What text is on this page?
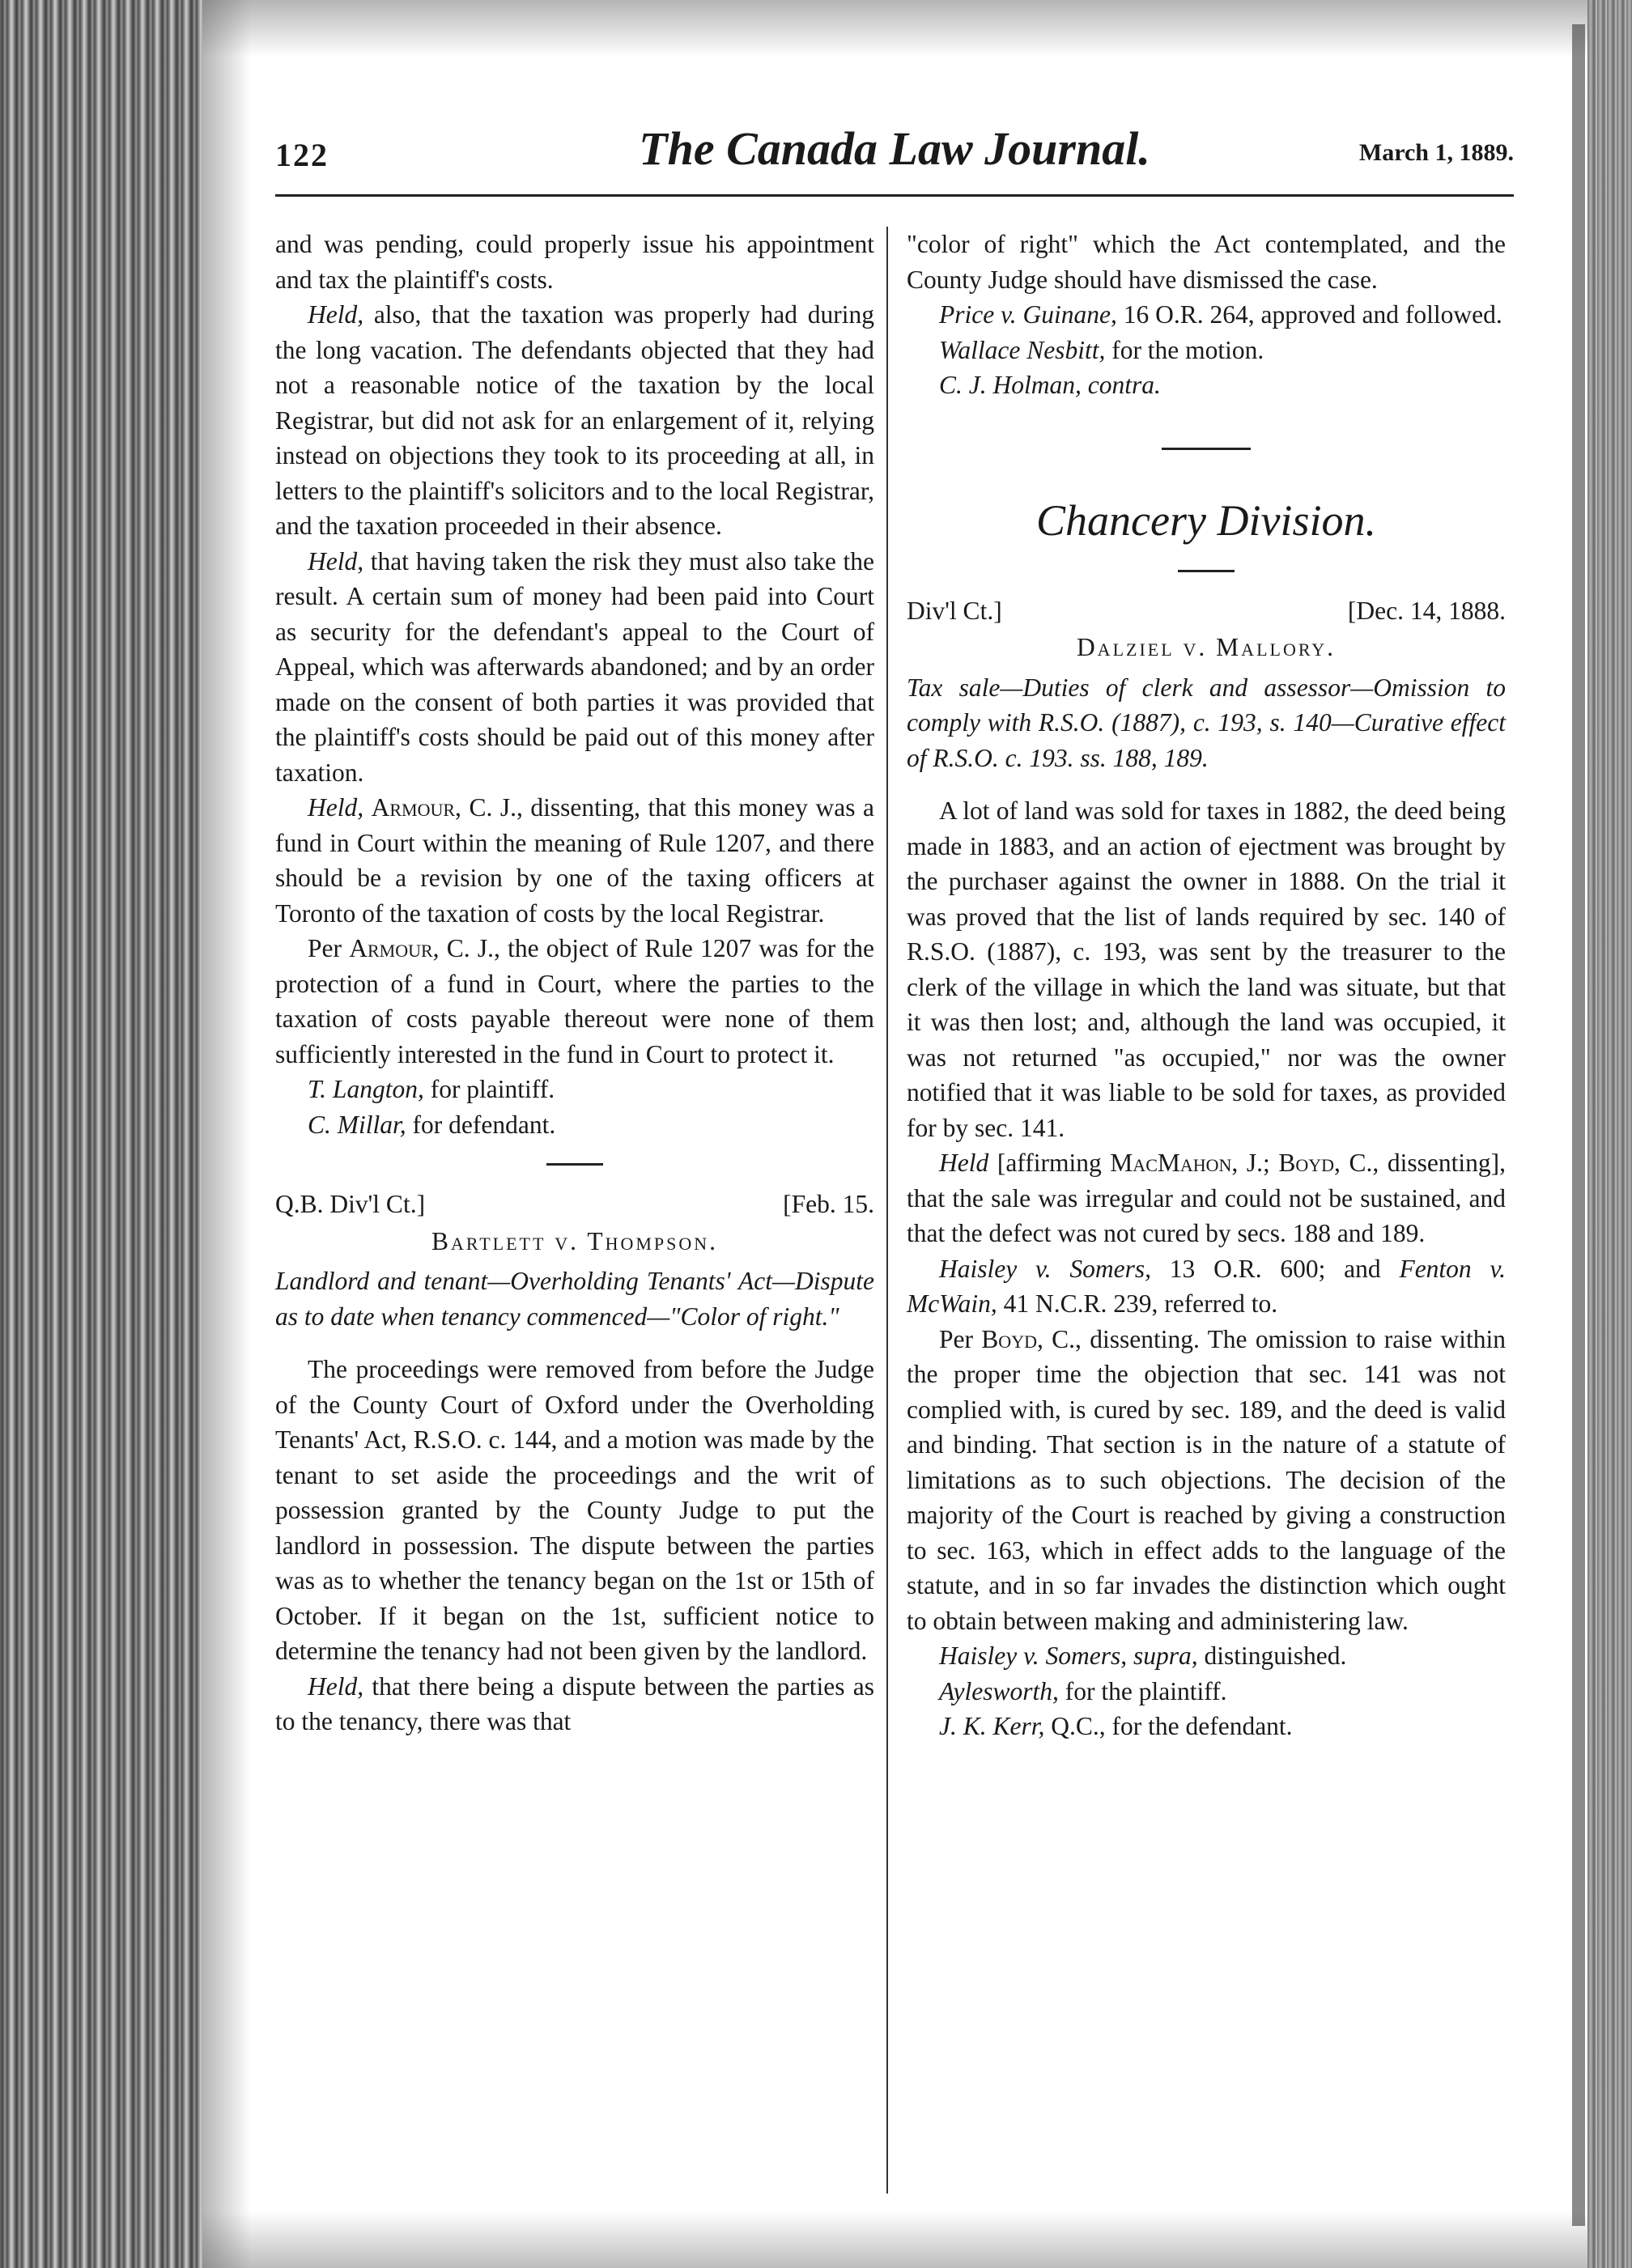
122	The Canada Law Journal.	March 1, 1889.

and was pending, could properly issue his appointment and tax the plaintiff's costs.

Held, also, that the taxation was properly had during the long vacation. The defendants objected that they had not a reasonable notice of the taxation by the local Registrar, but did not ask for an enlargement of it, relying instead on objections they took to its proceeding at all, in letters to the plaintiff's solicitors and to the local Registrar, and the taxation proceeded in their absence.

Held, that having taken the risk they must also take the result. A certain sum of money had been paid into Court as security for the defendant's appeal to the Court of Appeal, which was afterwards abandoned; and by an order made on the consent of both parties it was provided that the plaintiff's costs should be paid out of this money after taxation.

Held, Armour, C. J., dissenting, that this money was a fund in Court within the meaning of Rule 1207, and there should be a revision by one of the taxing officers at Toronto of the taxation of costs by the local Registrar.

Per Armour, C. J., the object of Rule 1207 was for the protection of a fund in Court, where the parties to the taxation of costs payable thereout were none of them sufficiently interested in the fund in Court to protect it.

T. Langton, for plaintiff.

C. Millar, for defendant.

Q.B. Div'l Ct.]	[Feb. 15.
Bartlett v. Thompson.

Landlord and tenant—Overholding Tenants' Act—Dispute as to date when tenancy commenced—"Color of right."

The proceedings were removed from before the Judge of the County Court of Oxford under the Overholding Tenants' Act, R.S.O. c. 144, and a motion was made by the tenant to set aside the proceedings and the writ of possession granted by the County Judge to put the landlord in possession. The dispute between the parties was as to whether the tenancy began on the 1st or 15th of October. If it began on the 1st, sufficient notice to determine the tenancy had not been given by the landlord.

Held, that there being a dispute between the parties as to the tenancy, there was that

"color of right" which the Act contemplated, and the County Judge should have dismissed the case.

Price v. Guinane, 16 O.R. 264, approved and followed.

Wallace Nesbitt, for the motion.

C. J. Holman, contra.

Chancery Division.
Div'l Ct.]	[Dec. 14, 1888.
Dalziel v. Mallory.

Tax sale—Duties of clerk and assessor—Omission to comply with R.S.O. (1887), c. 193, s. 140—Curative effect of R.S.O. c. 193. ss. 188, 189.

A lot of land was sold for taxes in 1882, the deed being made in 1883, and an action of ejectment was brought by the purchaser against the owner in 1888. On the trial it was proved that the list of lands required by sec. 140 of R.S.O. (1887), c. 193, was sent by the treasurer to the clerk of the village in which the land was situate, but that it was then lost; and, although the land was occupied, it was not returned "as occupied," nor was the owner notified that it was liable to be sold for taxes, as provided for by sec. 141.

Held [affirming MacMahon, J.; Boyd, C., dissenting], that the sale was irregular and could not be sustained, and that the defect was not cured by secs. 188 and 189.

Haisley v. Somers, 13 O.R. 600; and Fenton v. McWain, 41 N.C.R. 239, referred to.

Per Boyd, C., dissenting. The omission to raise within the proper time the objection that sec. 141 was not complied with, is cured by sec. 189, and the deed is valid and binding. That section is in the nature of a statute of limitations as to such objections. The decision of the majority of the Court is reached by giving a construction to sec. 163, which in effect adds to the language of the statute, and in so far invades the distinction which ought to obtain between making and administering law.

Haisley v. Somers, supra, distinguished.

Aylesworth, for the plaintiff.

J. K. Kerr, Q.C., for the defendant.
